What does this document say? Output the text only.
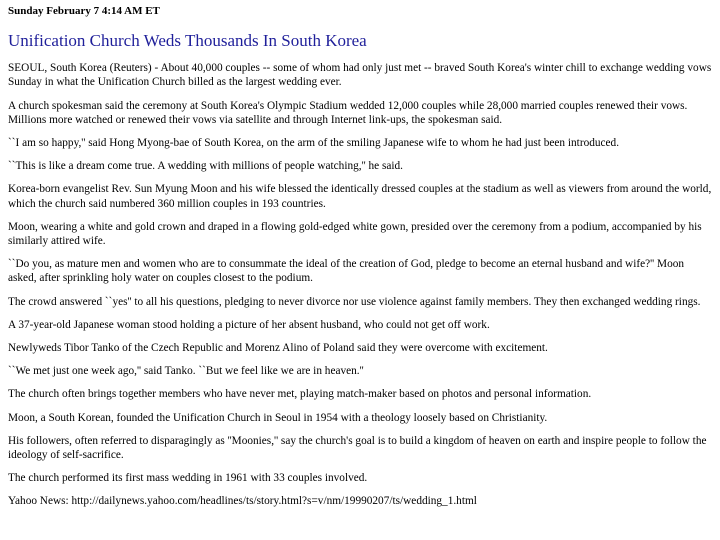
Sunday February 7 4:14 AM ET
Unification Church Weds Thousands In South Korea

SEOUL, South Korea (Reuters) - About 40,000 couples -- some of whom had only just met -- braved South Korea's winter chill to exchange wedding vows Sunday in what the Unification Church billed as the largest wedding ever.

A church spokesman said the ceremony at South Korea's Olympic Stadium wedded 12,000 couples while 28,000 married couples renewed their vows. Millions more watched or renewed their vows via satellite and through Internet link-ups, the spokesman said.

``I am so happy,'' said Hong Myong-bae of South Korea, on the arm of the smiling Japanese wife to whom he had just been introduced.

``This is like a dream come true. A wedding with millions of people watching,'' he said.

Korea-born evangelist Rev. Sun Myung Moon and his wife blessed the identically dressed couples at the stadium as well as viewers from around the world, which the church said numbered 360 million couples in 193 countries.

Moon, wearing a white and gold crown and draped in a flowing gold-edged white gown, presided over the ceremony from a podium, accompanied by his similarly attired wife.

``Do you, as mature men and women who are to consummate the ideal of the creation of God, pledge to become an eternal husband and wife?'' Moon asked, after sprinkling holy water on couples closest to the podium.

The crowd answered ``yes'' to all his questions, pledging to never divorce nor use violence against family members. They then exchanged wedding rings.

A 37-year-old Japanese woman stood holding a picture of her absent husband, who could not get off work.

Newlyweds Tibor Tanko of the Czech Republic and Morenz Alino of Poland said they were overcome with excitement.

``We met just one week ago,'' said Tanko. ``But we feel like we are in heaven.''

The church often brings together members who have never met, playing match-maker based on photos and personal information.

Moon, a South Korean, founded the Unification Church in Seoul in 1954 with a theology loosely based on Christianity.

His followers, often referred to disparagingly as ''Moonies,'' say the church's goal is to build a kingdom of heaven on earth and inspire people to follow the ideology of self-sacrifice.

The church performed its first mass wedding in 1961 with 33 couples involved.

Yahoo News: http://dailynews.yahoo.com/headlines/ts/story.html?s=v/nm/19990207/ts/wedding_1.html
